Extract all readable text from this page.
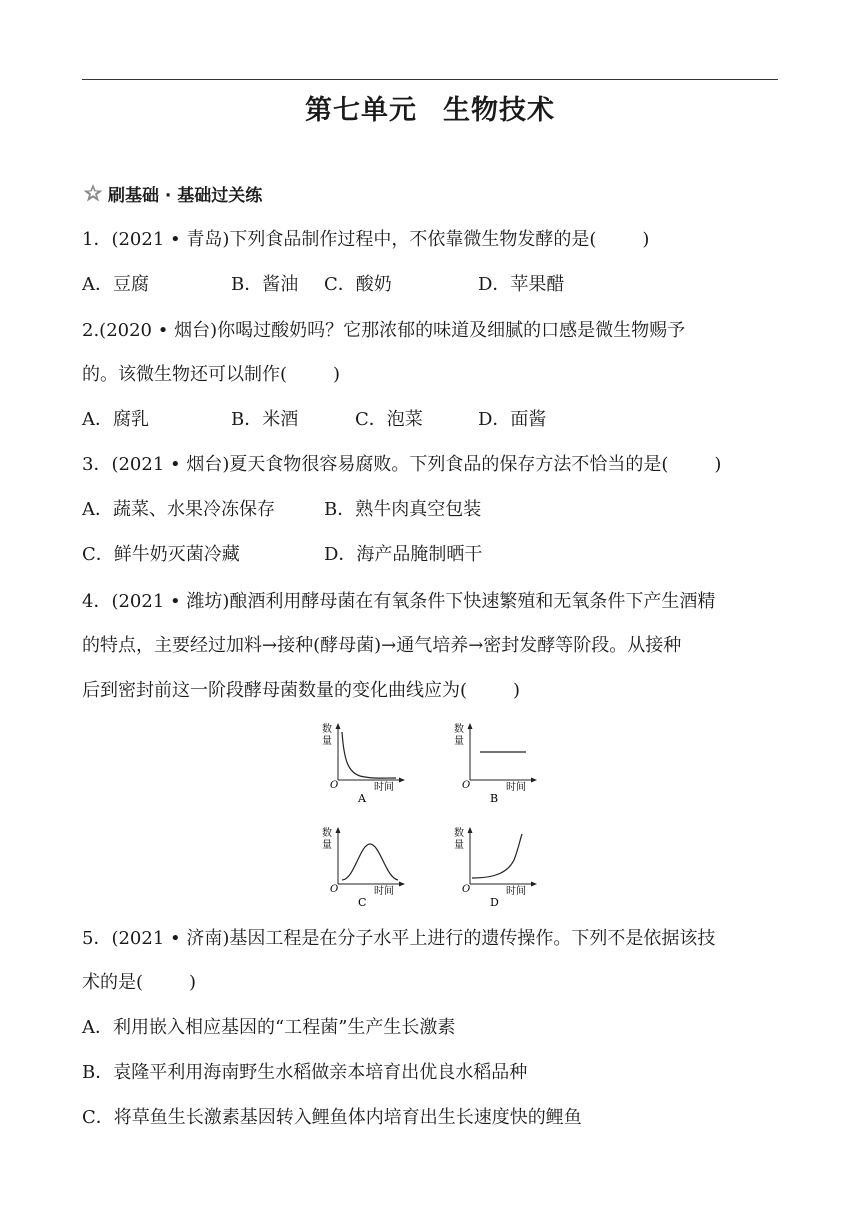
第七单元 生物技术
刷基础 · 基础过关练
1．(2021 • 青岛)下列食品制作过程中，不依靠微生物发酵的是(	)
A．豆腐	B．酱油 C．酸奶	D．苹果醋
2.(2020 • 烟台)你喝过酸奶吗？它那浓郁的味道及细腻的口感是微生物赐予
的。该微生物还可以制作(	)
A．腐乳	B．米酒	C．泡菜	D．面酱
3．(2021 • 烟台)夏天食物很容易腐败。下列食品的保存方法不恰当的是(	)
A．蔬菜、水果冷冻保存	B．熟牛肉真空包装
C．鲜牛奶灭菌冷藏	D．海产品腌制晒干
4．(2021 • 潍坊)酿酒利用酵母菌在有氧条件下快速繁殖和无氧条件下产生酒精
的特点，主要经过加料→接种(酵母菌)→通气培养→密封发酵等阶段。从接种
后到密封前这一阶段酵母菌数量的变化曲线应为(	)
数
量
O	时间
A
数
量
O	时间
B
数
量
O	时间
C
数
量
O	时间
D
5．(2021 • 济南)基因工程是在分子水平上进行的遗传操作。下列不是依据该技
术的是(	)
A．利用嵌入相应基因的“工程菌”生产生长激素
B．袁隆平利用海南野生水稻做亲本培育出优良水稻品种
C．将草鱼生长激素基因转入鲤鱼体内培育出生长速度快的鲤鱼
